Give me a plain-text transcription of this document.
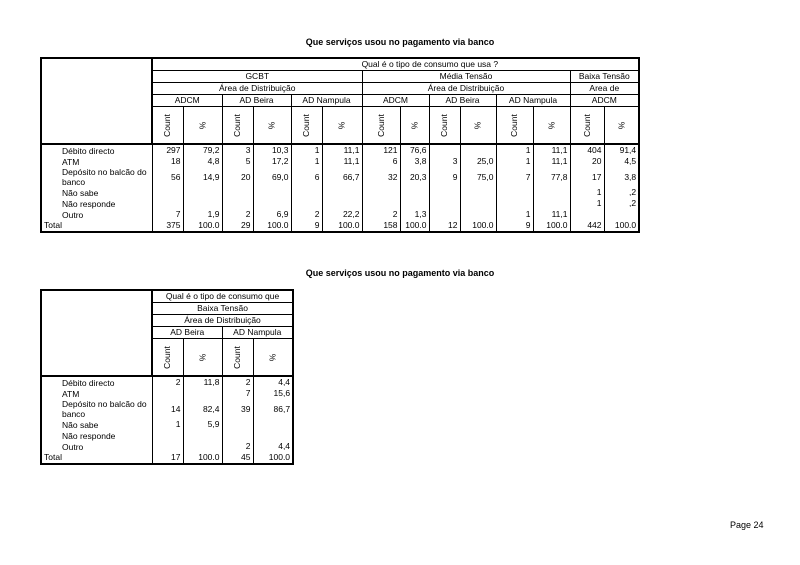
Que serviços usou no pagamento via banco
	Qual é o tipo de consumo que usa ?													
	GCBT						Média Tensão						Baixa Tensão	
	Área de Distribuição						Área de Distribuição						Area de	
	ADCM		AD Beira		AD Nampula		ADCM		AD Beira		AD Nampula		ADCM	
	Count	%	Count	%	Count	%	Count	%	Count	%	Count	%	Count	%
Débito directo	297	79,2	3	10,3	1	11,1	121	76,6			1	11,1	404	91,4
ATM	18	4,8	5	17,2	1	11,1	6	3,8	3	25,0	1	11,1	20	4,5
Depósito no balcão do banco	56	14,9	20	69,0	6	66,7	32	20,3	9	75,0	7	77,8	17	3,8
Não sabe													1	,2
Não responde													1	,2
Outro	7	1,9	2	6,9	2	22,2	2	1,3			1	11,1		
Total	375	100.0	29	100.0	9	100.0	158	100.0	12	100.0	9	100.0	442	100.0
Que serviços usou no pagamento via banco
	Qual é o tipo de consumo que			
	Baixa Tensão			
	Área de Distribuição			
	AD Beira		AD Nampula	
	Count	%	Count	%
Débito directo	2	11,8	2	4,4
ATM			7	15,6
Depósito no balcão do banco	14	82,4	39	86,7
Não sabe	1	5,9		
Não responde				
Outro			2	4,4
Total	17	100.0	45	100.0
Page 24
